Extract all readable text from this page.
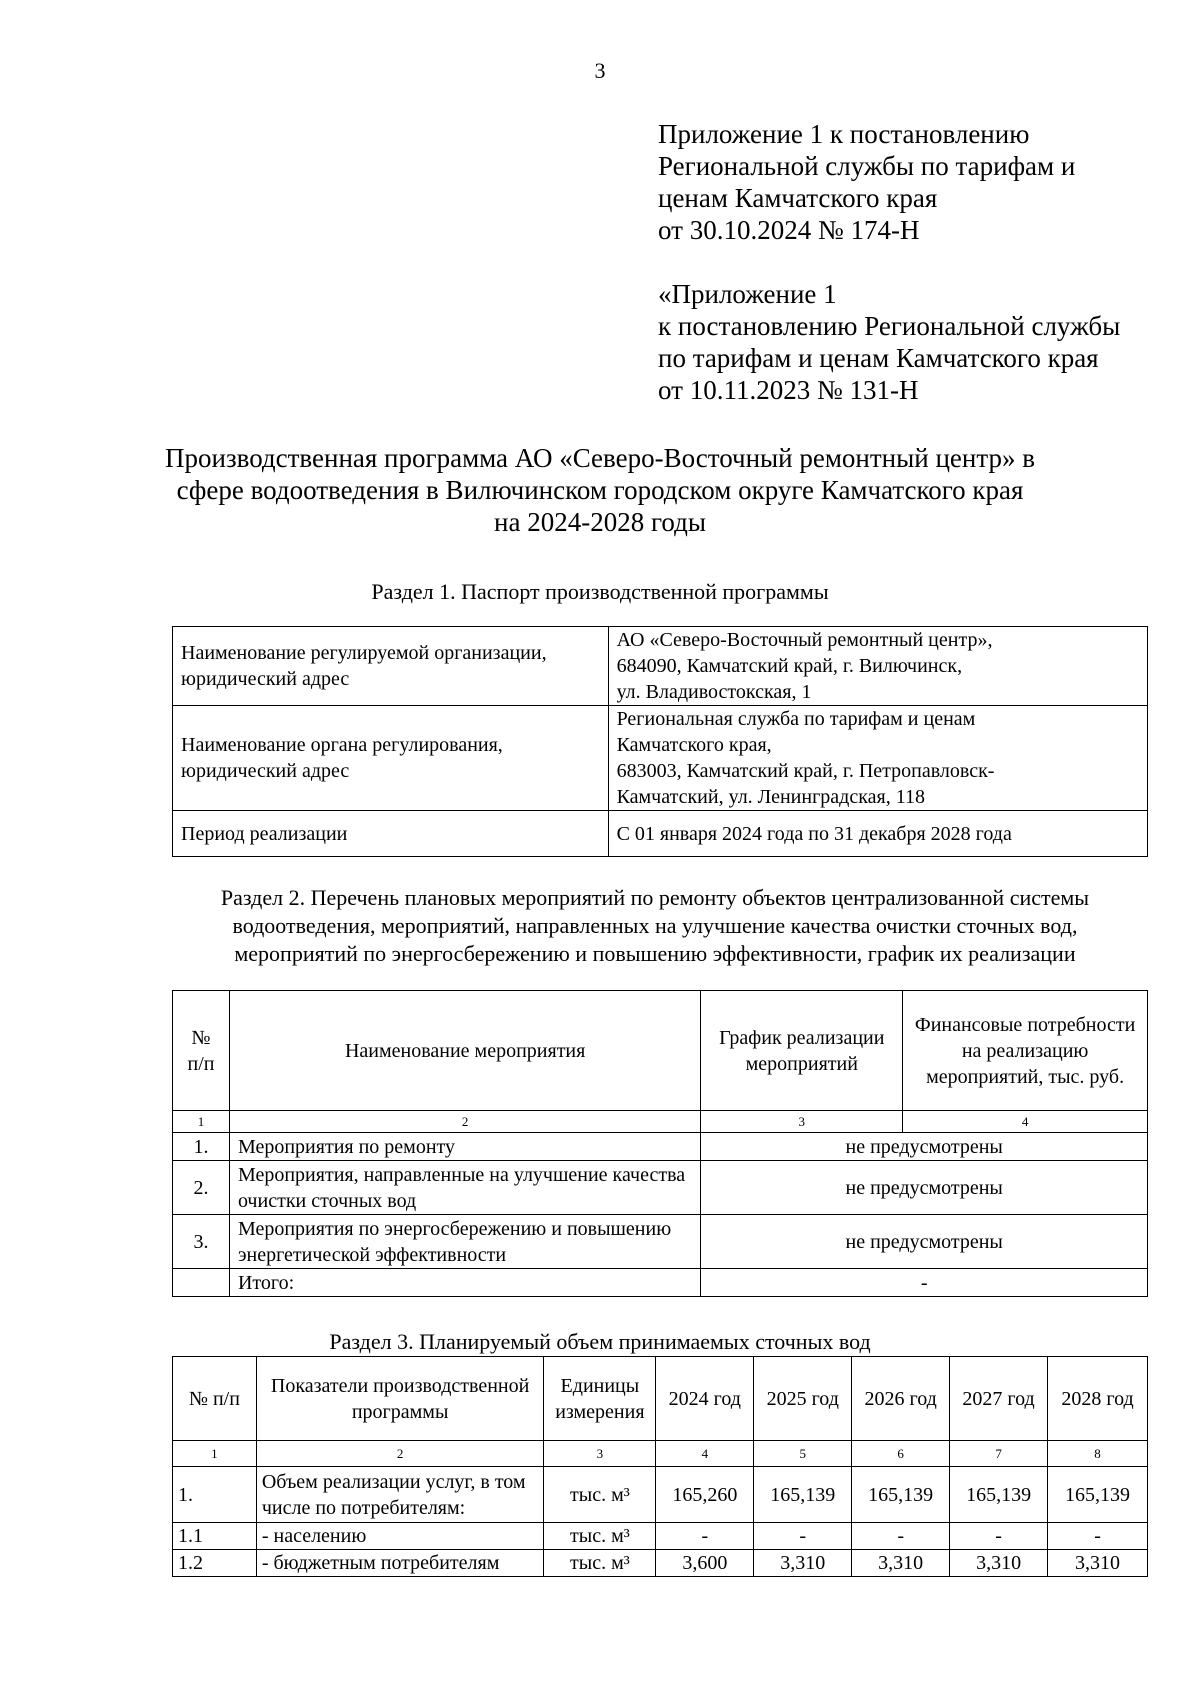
3
Приложение 1 к постановлению
Региональной службы по тарифам и
ценам Камчатского края
от 30.10.2024 № 174-Н
«Приложение 1
к постановлению Региональной службы
по тарифам и ценам Камчатского края
от 10.11.2023 № 131-Н
Производственная программа АО «Северо-Восточный ремонтный центр» в
сфере водоотведения в Вилючинском городском округе Камчатского края
на 2024-2028 годы
Раздел 1. Паспорт производственной программы
Наименование регулируемой организации, юридический адрес	АО «Северо-Восточный ремонтный центр»,
684090, Камчатский край, г. Вилючинск,
ул. Владивостокская, 1

Наименование органа регулирования, юридический адрес	Региональная служба по тарифам и ценам
Камчатского края,
683003, Камчатский край, г. Петропавловск-
Камчатский, ул. Ленинградская, 118

Период реализации	С 01 января 2024 года по 31 декабря 2028 года
Раздел 2. Перечень плановых мероприятий по ремонту объектов централизованной системы
водоотведения, мероприятий, направленных на улучшение качества очистки сточных вод,
мероприятий по энергосбережению и повышению эффективности, график их реализации
№ п/п	Наименование мероприятия	График реализации мероприятий	Финансовые потребности на реализацию мероприятий, тыс. руб.
1	2	3	4
1.	Мероприятия по ремонту	не предусмотрены	
2.	Мероприятия, направленные на улучшение качества очистки сточных вод	не предусмотрены	
3.	Мероприятия по энергосбережению и повышению энергетической эффективности	не предусмотрены	
	Итого:	-	
Раздел 3. Планируемый объем принимаемых сточных вод
№ п/п	Показатели производственной программы	Единицы измерения	2024 год	2025 год	2026 год	2027 год	2028 год
1	2	3	4	5	6	7	8
1.	Объем реализации услуг, в том числе по потребителям:	тыс. м³	165,260	165,139	165,139	165,139	165,139
1.1	- населению	тыс. м³	-	-	-	-	-
1.2	- бюджетным потребителям	тыс. м³	3,600	3,310	3,310	3,310	3,310
